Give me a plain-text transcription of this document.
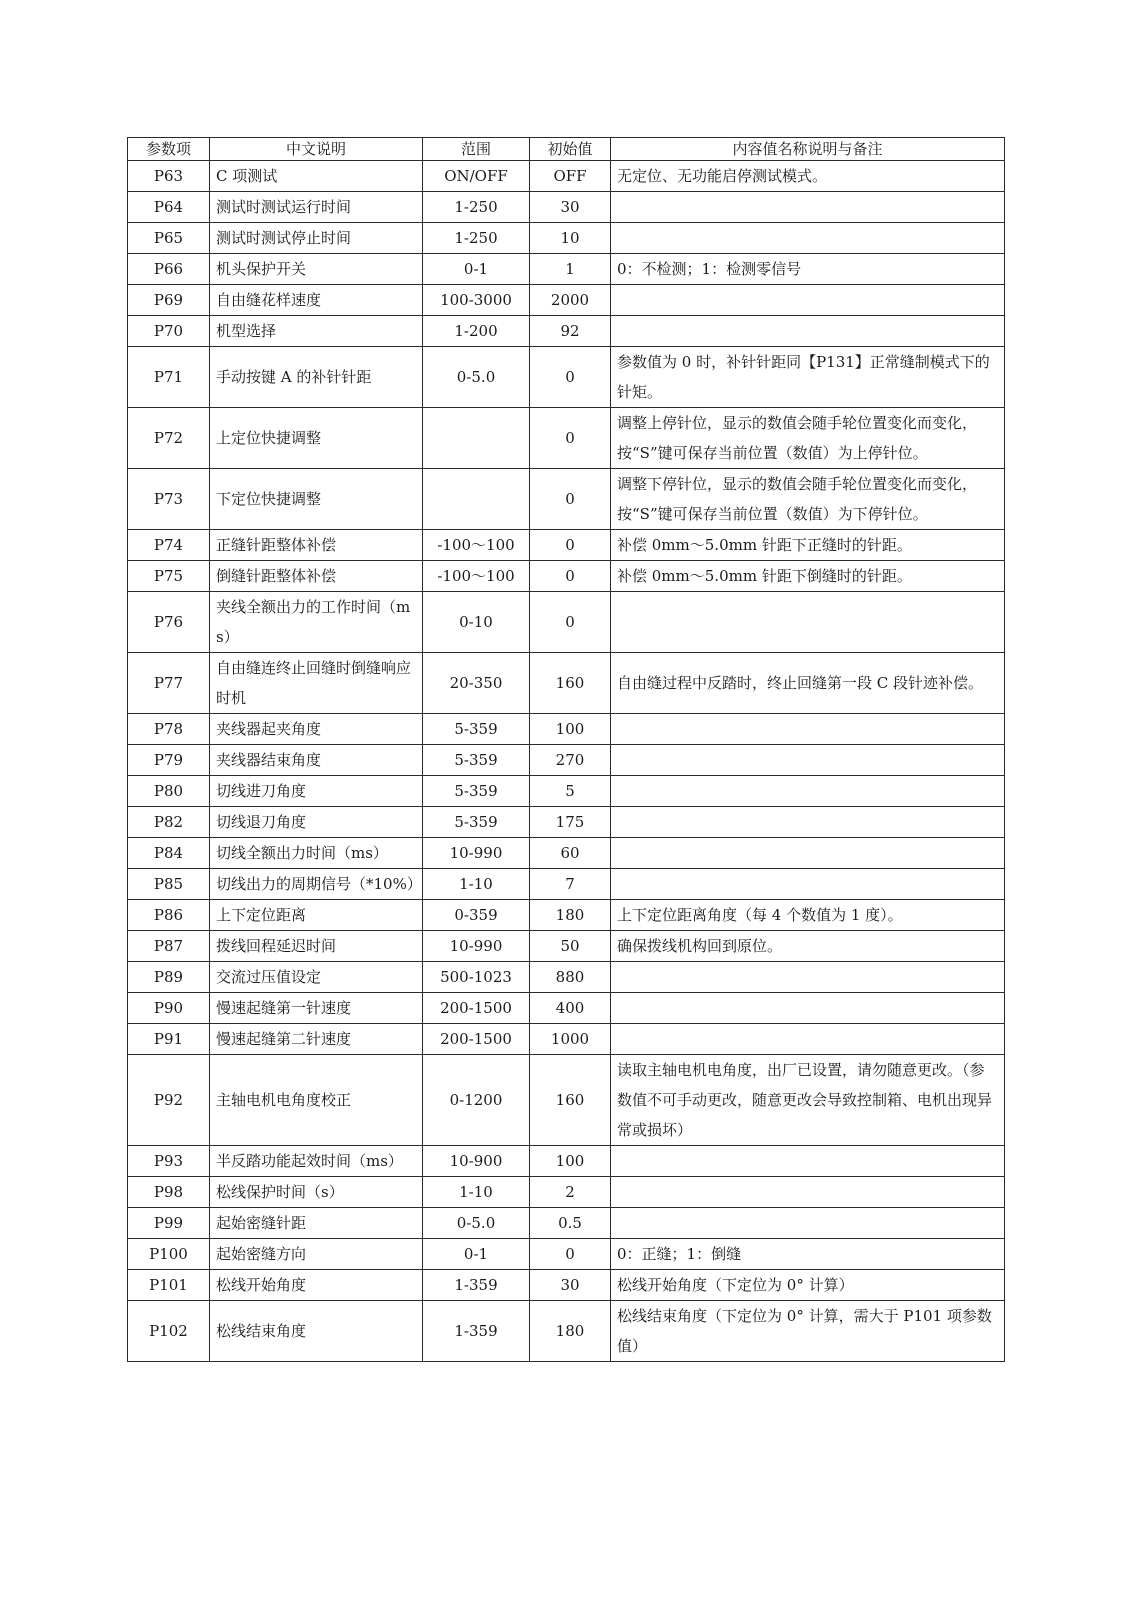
参数项	中文说明	范围	初始值	内容值名称说明与备注
P63	C 项测试	ON/OFF	OFF	无定位、无功能启停测试模式。
P64	测试时测试运行时间	1-250	30	
P65	测试时测试停止时间	1-250	10	
P66	机头保护开关	0-1	1	0：不检测；1：检测零信号
P69	自由缝花样速度	100-3000	2000	
P70	机型选择	1-200	92	
P71	手动按键 A 的补针针距	0-5.0	0	参数值为 0 时，补针针距同【P131】正常缝制模式下的针矩。
P72	上定位快捷调整		0	调整上停针位，显示的数值会随手轮位置变化而变化，按“S”键可保存当前位置（数值）为上停针位。
P73	下定位快捷调整		0	调整下停针位，显示的数值会随手轮位置变化而变化，按“S”键可保存当前位置（数值）为下停针位。
P74	正缝针距整体补偿	-100～100	0	补偿 0mm～5.0mm 针距下正缝时的针距。
P75	倒缝针距整体补偿	-100～100	0	补偿 0mm～5.0mm 针距下倒缝时的针距。
P76	夹线全额出力的工作时间（ms）	0-10	0	
P77	自由缝连终止回缝时倒缝响应时机	20-350	160	自由缝过程中反踏时，终止回缝第一段 C 段针迹补偿。
P78	夹线器起夹角度	5-359	100	
P79	夹线器结束角度	5-359	270	
P80	切线进刀角度	5-359	5	
P82	切线退刀角度	5-359	175	
P84	切线全额出力时间（ms）	10-990	60	
P85	切线出力的周期信号（*10%）	1-10	7	
P86	上下定位距离	0-359	180	上下定位距离角度（每 4 个数值为 1 度）。
P87	拨线回程延迟时间	10-990	50	确保拨线机构回到原位。
P89	交流过压值设定	500-1023	880	
P90	慢速起缝第一针速度	200-1500	400	
P91	慢速起缝第二针速度	200-1500	1000	
P92	主轴电机电角度校正	0-1200	160	读取主轴电机电角度，出厂已设置，请勿随意更改。（参数值不可手动更改，随意更改会导致控制箱、电机出现异常或损坏）
P93	半反踏功能起效时间（ms）	10-900	100	
P98	松线保护时间（s）	1-10	2	
P99	起始密缝针距	0-5.0	0.5	
P100	起始密缝方向	0-1	0	0：正缝；1：倒缝
P101	松线开始角度	1-359	30	松线开始角度（下定位为 0° 计算）
P102	松线结束角度	1-359	180	松线结束角度（下定位为 0° 计算，需大于 P101 项参数值）
